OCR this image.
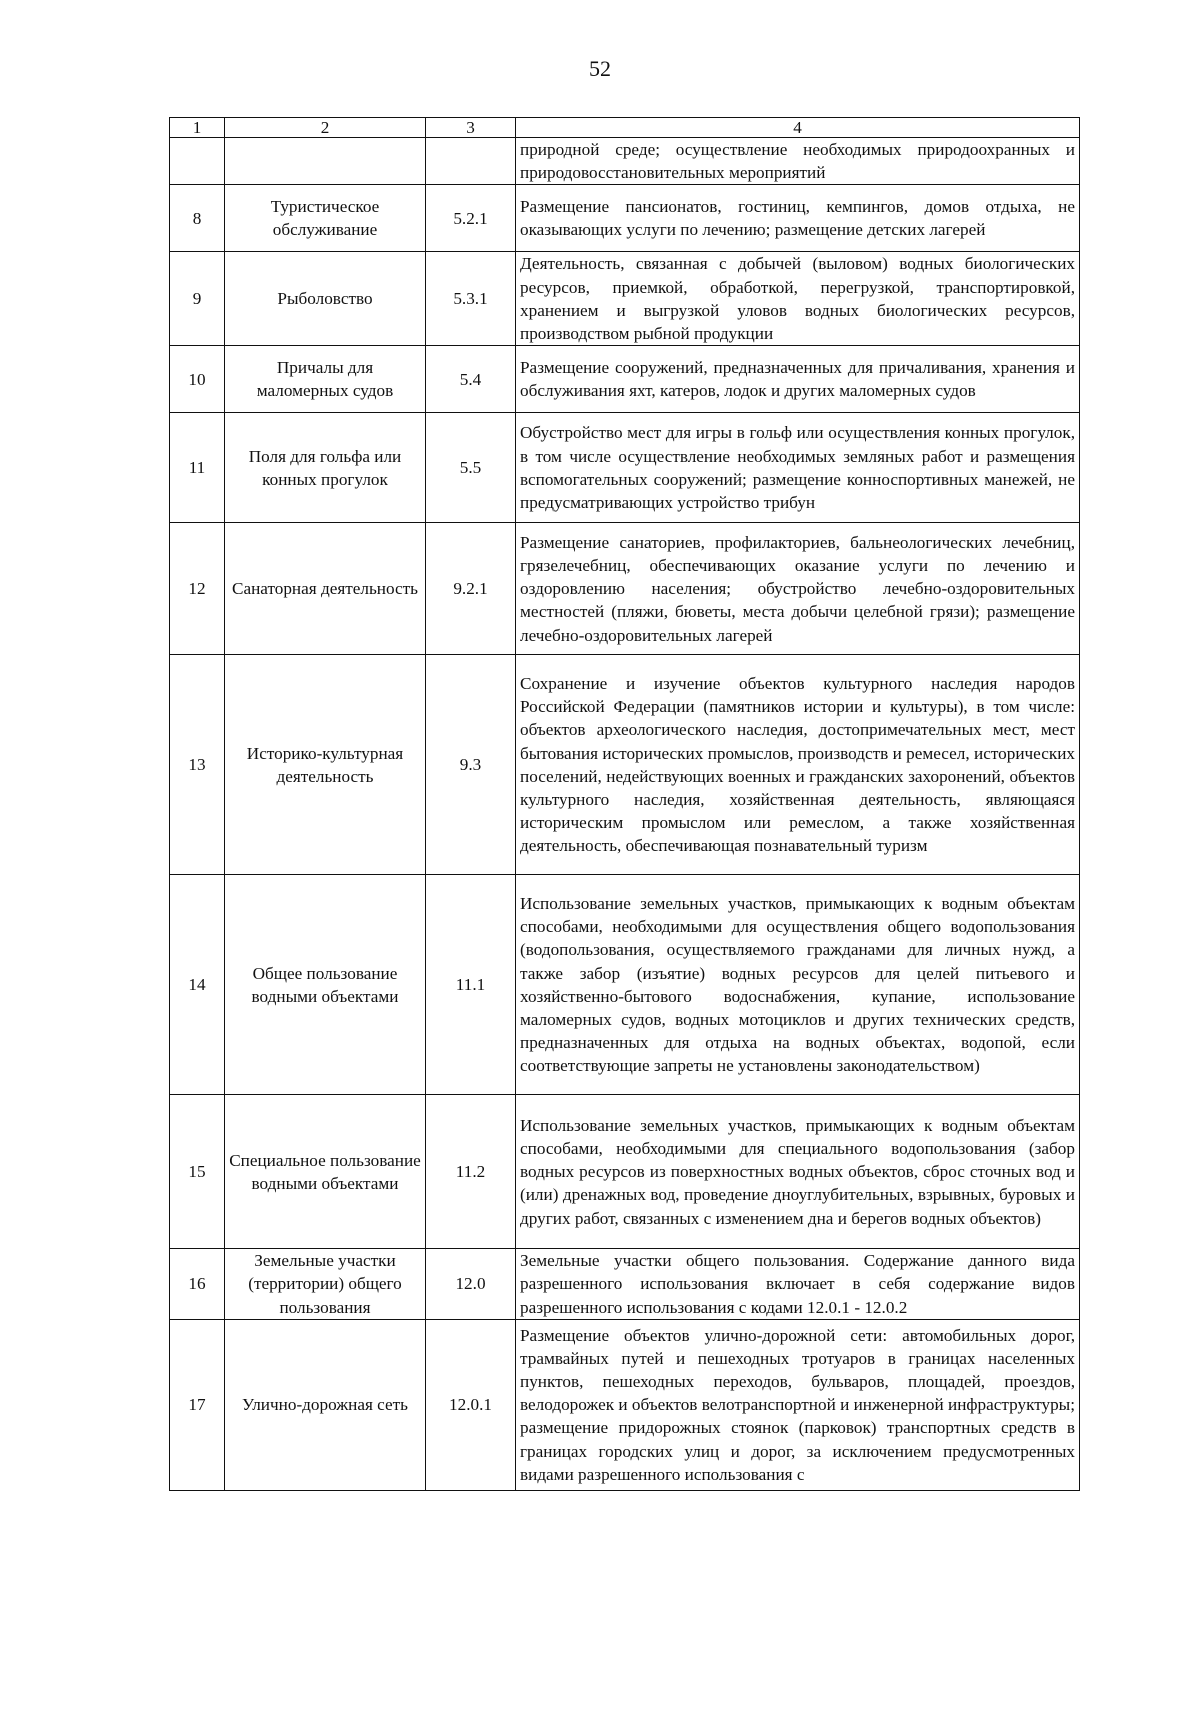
52
1	2	3	4
			природной среде; осуществление необходимых природоохранных и природовосстановительных мероприятий
8	Туристическое обслуживание	5.2.1	Размещение пансионатов, гостиниц, кемпингов, домов отдыха, не оказывающих услуги по лечению; размещение детских лагерей
9	Рыболовство	5.3.1	Деятельность, связанная с добычей (выловом) водных биологических ресурсов, приемкой, обработкой, перегрузкой, транспортировкой, хранением и выгрузкой уловов водных биологических ресурсов, производством рыбной продукции
10	Причалы для маломерных судов	5.4	Размещение сооружений, предназначенных для причаливания, хранения и обслуживания яхт, катеров, лодок и других маломерных судов
11	Поля для гольфа или конных прогулок	5.5	Обустройство мест для игры в гольф или осуществления конных прогулок, в том числе осуществление необходимых земляных работ и размещения вспомогательных сооружений; размещение конноспортивных манежей, не предусматривающих устройство трибун
12	Санаторная деятельность	9.2.1	Размещение санаториев, профилакториев, бальнеологических лечебниц, грязелечебниц, обеспечивающих оказание услуги по лечению и оздоровлению населения; обустройство лечебно-оздоровительных местностей (пляжи, бюветы, места добычи целебной грязи); размещение лечебно-оздоровительных лагерей
13	Историко-культурная деятельность	9.3	Сохранение и изучение объектов культурного наследия народов Российской Федерации (памятников истории и культуры), в том числе: объектов археологического наследия, достопримечательных мест, мест бытования исторических промыслов, производств и ремесел, исторических поселений, недействующих военных и гражданских захоронений, объектов культурного наследия, хозяйственная деятельность, являющаяся историческим промыслом или ремеслом, а также хозяйственная деятельность, обеспечивающая познавательный туризм
14	Общее пользование водными объектами	11.1	Использование земельных участков, примыкающих к водным объектам способами, необходимыми для осуществления общего водопользования (водопользования, осуществляемого гражданами для личных нужд, а также забор (изъятие) водных ресурсов для целей питьевого и хозяйственно-бытового водоснабжения, купание, использование маломерных судов, водных мотоциклов и других технических средств, предназначенных для отдыха на водных объектах, водопой, если соответствующие запреты не установлены законодательством)
15	Специальное пользование водными объектами	11.2	Использование земельных участков, примыкающих к водным объектам способами, необходимыми для специального водопользования (забор водных ресурсов из поверхностных водных объектов, сброс сточных вод и (или) дренажных вод, проведение дноуглубительных, взрывных, буровых и других работ, связанных с изменением дна и берегов водных объектов)
16	Земельные участки (территории) общего пользования	12.0	Земельные участки общего пользования. Содержание данного вида разрешенного использования включает в себя содержание видов разрешенного использования с кодами 12.0.1 - 12.0.2
17	Улично-дорожная сеть	12.0.1	Размещение объектов улично-дорожной сети: автомобильных дорог, трамвайных путей и пешеходных тротуаров в границах населенных пунктов, пешеходных переходов, бульваров, площадей, проездов, велодорожек и объектов велотранспортной и инженерной инфраструктуры; размещение придорожных стоянок (парковок) транспортных средств в границах городских улиц и дорог, за исключением предусмотренных видами разрешенного использования с
